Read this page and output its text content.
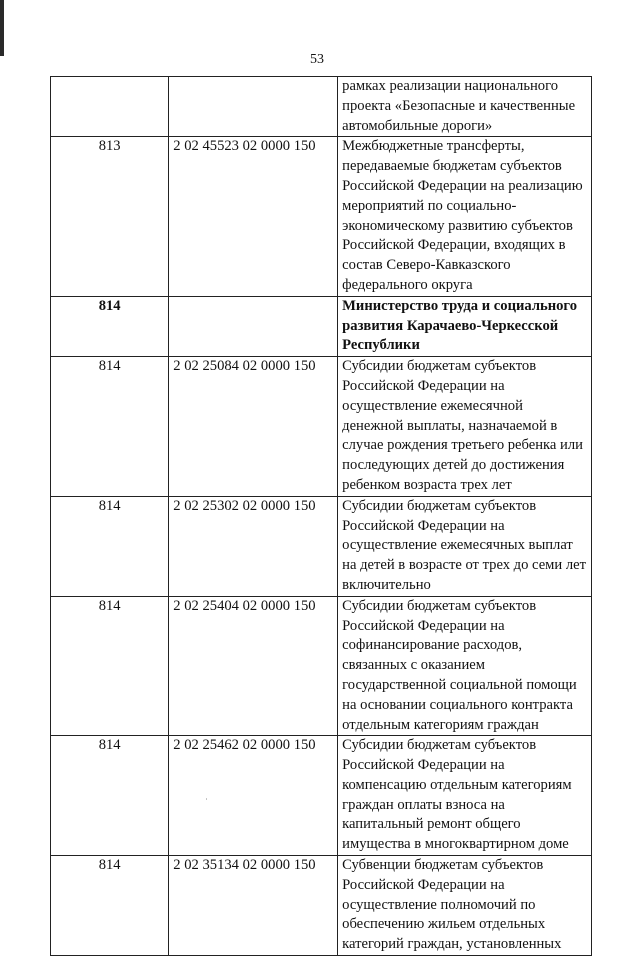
53
		рамках реализации национального проекта «Безопасные и качественные автомобильные дороги»
813	2 02 45523 02 0000 150	Межбюджетные трансферты, передаваемые бюджетам субъектов Российской Федерации на реализацию мероприятий по социально-экономическому развитию субъектов Российской Федерации, входящих в состав Северо-Кавказского федерального округа
814		Министерство труда и социального развития Карачаево-Черкесской Республики
814	2 02 25084 02 0000 150	Субсидии бюджетам субъектов Российской Федерации на осуществление ежемесячной денежной выплаты, назначаемой в случае рождения третьего ребенка или последующих детей до достижения ребенком возраста трех лет
814	2 02 25302 02 0000 150	Субсидии бюджетам субъектов Российской Федерации на осуществление ежемесячных выплат на детей в возрасте от трех до семи лет включительно
814	2 02 25404 02 0000 150	Субсидии бюджетам субъектов Российской Федерации на софинансирование расходов, связанных с оказанием государственной социальной помощи на основании социального контракта отдельным категориям граждан
814	2 02 25462 02 0000 150	Субсидии бюджетам субъектов Российской Федерации на компенсацию отдельным категориям граждан оплаты взноса на капитальный ремонт общего имущества в многоквартирном доме
814	2 02 35134 02 0000 150	Субвенции бюджетам субъектов Российской Федерации на осуществление полномочий по обеспечению жильем отдельных категорий граждан, установленных
˙
